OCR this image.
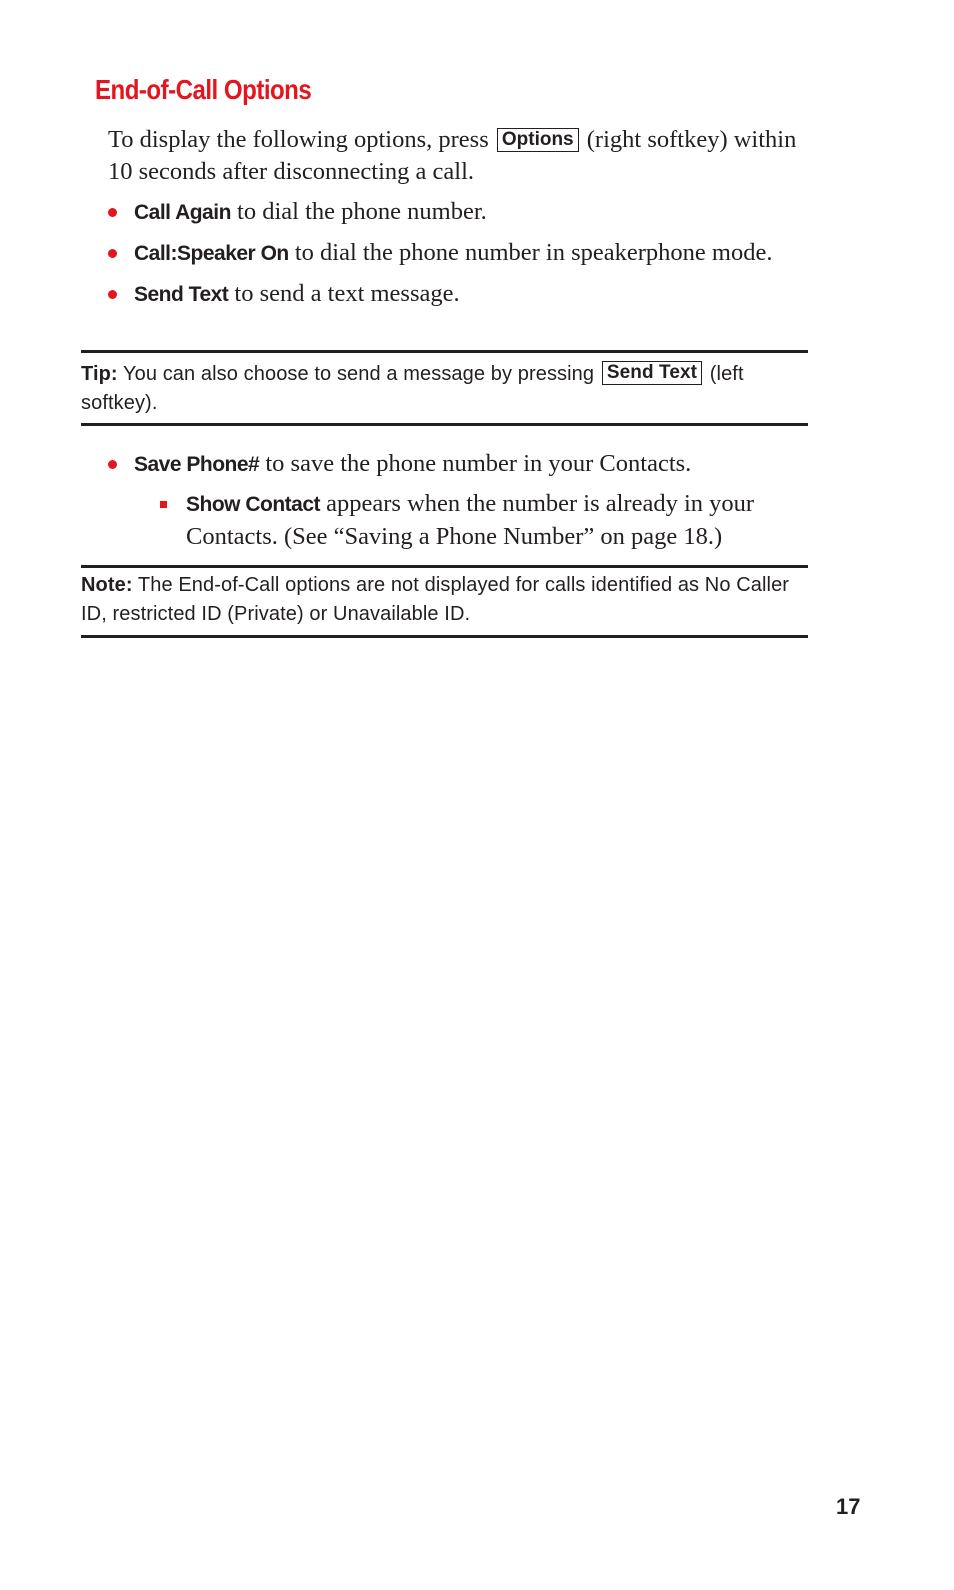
End-of-Call Options
To display the following options, press Options (right softkey) within 10 seconds after disconnecting a call.
Call Again to dial the phone number.
Call:Speaker On to dial the phone number in speakerphone mode.
Send Text to send a text message.
Tip: You can also choose to send a message by pressing Send Text (left softkey).
Save Phone# to save the phone number in your Contacts.
Show Contact appears when the number is already in your Contacts. (See “Saving a Phone Number” on page 18.)
Note: The End-of-Call options are not displayed for calls identified as No Caller ID, restricted ID (Private) or Unavailable ID.
17
